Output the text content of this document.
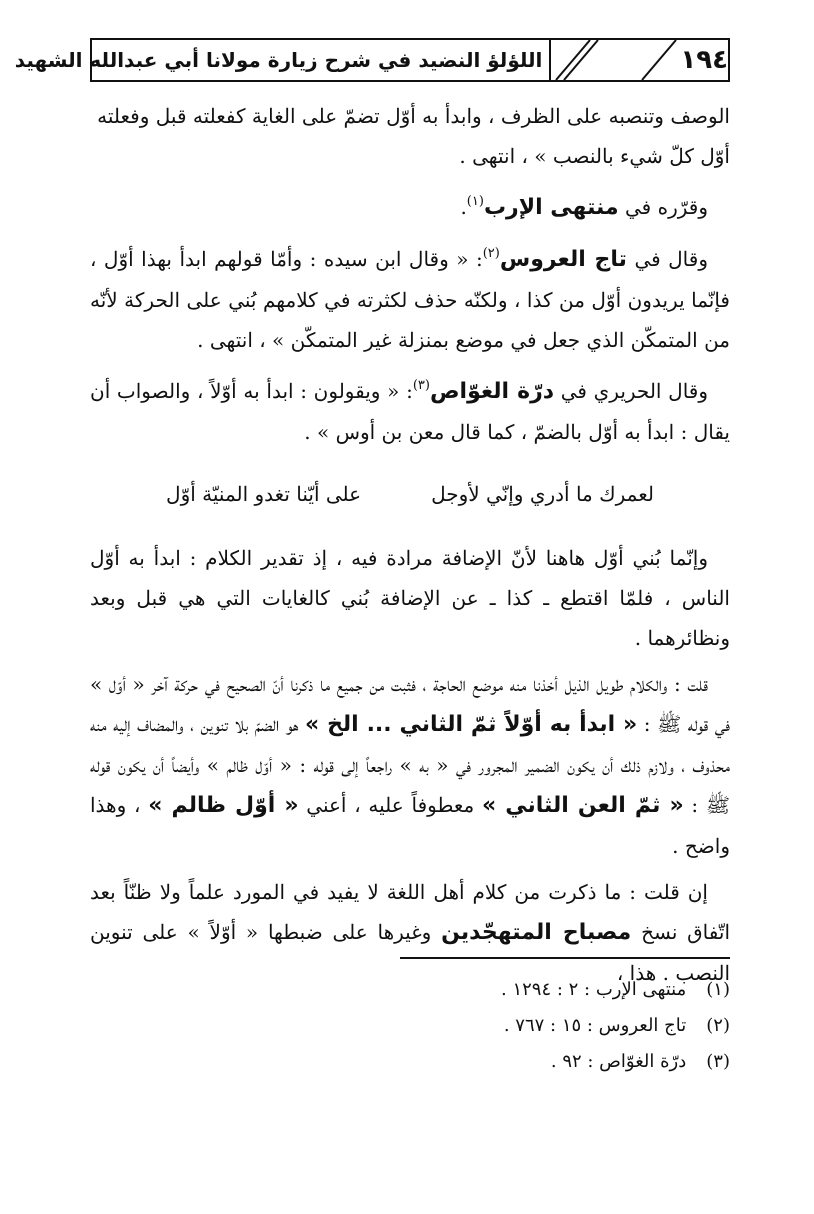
١٩٤
اللؤلؤ النضيد في شرح زيارة مولانا أبي عبدالله الشهيد

الوصف وتنصبه على الظرف ، وابدأ به أوّل تضمّ على الغاية كفعلته قبل وفعلته
أوّل كلّ شيء بالنصب » ، انتهى .

وقرّره في منتهى الإرب$^{(١)}$.

وقال في تاج العروس$^{(٢)}$: « وقال ابن سيده : وأمّا قولهم ابدأ بهذا أوّل ، فإنّما يريدون أوّل من كذا ، ولكنّه حذف لكثرته في كلامهم بُني على الحركة لأنّه من المتمكّن الذي جعل في موضع بمنزلة غير المتمكّن » ، انتهى .

وقال الحريري في درّة الغوّاص$^{(٣)}$: « ويقولون : ابدأ به أوّلاً ، والصواب أن يقال : ابدأ به أوّل بالضمّ ، كما قال معن بن أوس » .

لعمرك ما أدري وإنّي لأوجل
على أيّنا تغدو المنيّة أوّل

وإنّما بُني أوّل هاهنا لأنّ الإضافة مرادة فيه ، إذ تقدير الكلام : ابدأ به أوّل الناس ، فلمّا اقتطع ـ كذا ـ عن الإضافة بُني كالغايات التي هي قبل وبعد ونظائرهما .

قلت : والكلام طويل الذيل أخذنا منه موضع الحاجة ، فثبت من جميع ما ذكرنا أنّ الصحيح في حركة آخر « أوّل » في قوله ﷺ : « ابدأ به أوّلاً ثمّ الثاني ... الخ » هو الضمّ بلا تنوين ، والمضاف إليه منه محذوف ، ولازم ذلك أن يكون الضمير المجرور في « به » راجعاً إلى قوله : « أوّل ظالم » وأيضاً أن يكون قوله ﷺ : « ثمّ العن الثاني » معطوفاً عليه ، أعني « أوّل ظالم » ، وهذا واضح .

إن قلت : ما ذكرت من كلام أهل اللغة لا يفيد في المورد علماً ولا ظنّاً بعد اتّفاق نسخ مصباح المتهجّدين وغيرها على ضبطها « أوّلاً » على تنوين النصب . هذا ،

(١) منتهى الإرب : ٢ : ١٢٩٤ .
(٢) تاج العروس : ١٥ : ٧٦٧ .
(٣) درّة الغوّاص : ٩٢ .
